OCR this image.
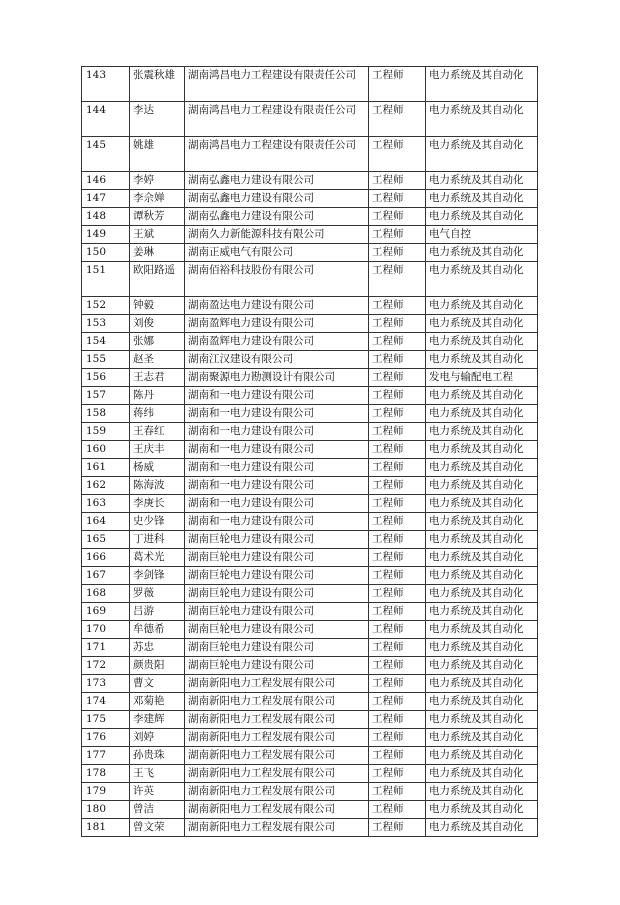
143	张震秋雄	湖南鸿昌电力工程建设有限责任公司	工程师	电力系统及其自动化
144	李达	湖南鸿昌电力工程建设有限责任公司	工程师	电力系统及其自动化
145	姚雄	湖南鸿昌电力工程建设有限责任公司	工程师	电力系统及其自动化
146	李婷	湖南弘鑫电力建设有限公司	工程师	电力系统及其自动化
147	李佘婵	湖南弘鑫电力建设有限公司	工程师	电力系统及其自动化
148	谭秋芳	湖南弘鑫电力建设有限公司	工程师	电力系统及其自动化
149	王斌	湖南久力新能源科技有限公司	工程师	电气自控
150	姜琳	湖南正威电气有限公司	工程师	电力系统及其自动化
151	欧阳路遥	湖南佰裕科技股份有限公司	工程师	电力系统及其自动化
152	钟毅	湖南盈达电力建设有限公司	工程师	电力系统及其自动化
153	刘俊	湖南盈辉电力建设有限公司	工程师	电力系统及其自动化
154	张娜	湖南盈辉电力建设有限公司	工程师	电力系统及其自动化
155	赵圣	湖南江汉建设有限公司	工程师	电力系统及其自动化
156	王志君	湖南聚源电力勘测设计有限公司	工程师	发电与输配电工程
157	陈丹	湖南和一电力建设有限公司	工程师	电力系统及其自动化
158	蒋纬	湖南和一电力建设有限公司	工程师	电力系统及其自动化
159	王春红	湖南和一电力建设有限公司	工程师	电力系统及其自动化
160	王庆丰	湖南和一电力建设有限公司	工程师	电力系统及其自动化
161	杨威	湖南和一电力建设有限公司	工程师	电力系统及其自动化
162	陈海波	湖南和一电力建设有限公司	工程师	电力系统及其自动化
163	李庚长	湖南和一电力建设有限公司	工程师	电力系统及其自动化
164	史少锋	湖南和一电力建设有限公司	工程师	电力系统及其自动化
165	丁进科	湖南巨轮电力建设有限公司	工程师	电力系统及其自动化
166	葛术光	湖南巨轮电力建设有限公司	工程师	电力系统及其自动化
167	李剑锋	湖南巨轮电力建设有限公司	工程师	电力系统及其自动化
168	罗薇	湖南巨轮电力建设有限公司	工程师	电力系统及其自动化
169	吕游	湖南巨轮电力建设有限公司	工程师	电力系统及其自动化
170	牟德希	湖南巨轮电力建设有限公司	工程师	电力系统及其自动化
171	苏忠	湖南巨轮电力建设有限公司	工程师	电力系统及其自动化
172	颜贵阳	湖南巨轮电力建设有限公司	工程师	电力系统及其自动化
173	曹文	湖南新阳电力工程发展有限公司	工程师	电力系统及其自动化
174	邓菊艳	湖南新阳电力工程发展有限公司	工程师	电力系统及其自动化
175	李建辉	湖南新阳电力工程发展有限公司	工程师	电力系统及其自动化
176	刘婷	湖南新阳电力工程发展有限公司	工程师	电力系统及其自动化
177	孙贵珠	湖南新阳电力工程发展有限公司	工程师	电力系统及其自动化
178	王飞	湖南新阳电力工程发展有限公司	工程师	电力系统及其自动化
179	许英	湖南新阳电力工程发展有限公司	工程师	电力系统及其自动化
180	曾洁	湖南新阳电力工程发展有限公司	工程师	电力系统及其自动化
181	曾文荣	湖南新阳电力工程发展有限公司	工程师	电力系统及其自动化
